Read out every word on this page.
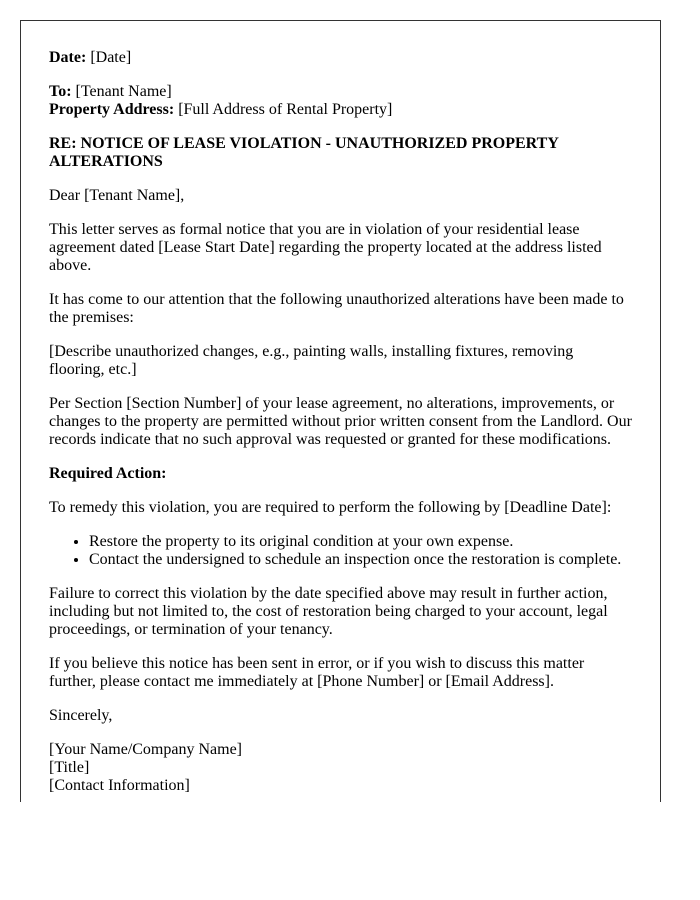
Date: [Date]

To: [Tenant Name]
Property Address: [Full Address of Rental Property]

RE: NOTICE OF LEASE VIOLATION - UNAUTHORIZED PROPERTY ALTERATIONS

Dear [Tenant Name],

This letter serves as formal notice that you are in violation of your residential lease agreement dated [Lease Start Date] regarding the property located at the address listed above.

It has come to our attention that the following unauthorized alterations have been made to the premises:

[Describe unauthorized changes, e.g., painting walls, installing fixtures, removing flooring, etc.]

Per Section [Section Number] of your lease agreement, no alterations, improvements, or changes to the property are permitted without prior written consent from the Landlord. Our records indicate that no such approval was requested or granted for these modifications.

Required Action:

To remedy this violation, you are required to perform the following by [Deadline Date]:

• Restore the property to its original condition at your own expense.
• Contact the undersigned to schedule an inspection once the restoration is complete.

Failure to correct this violation by the date specified above may result in further action, including but not limited to, the cost of restoration being charged to your account, legal proceedings, or termination of your tenancy.

If you believe this notice has been sent in error, or if you wish to discuss this matter further, please contact me immediately at [Phone Number] or [Email Address].

Sincerely,

[Your Name/Company Name]
[Title]
[Contact Information]
